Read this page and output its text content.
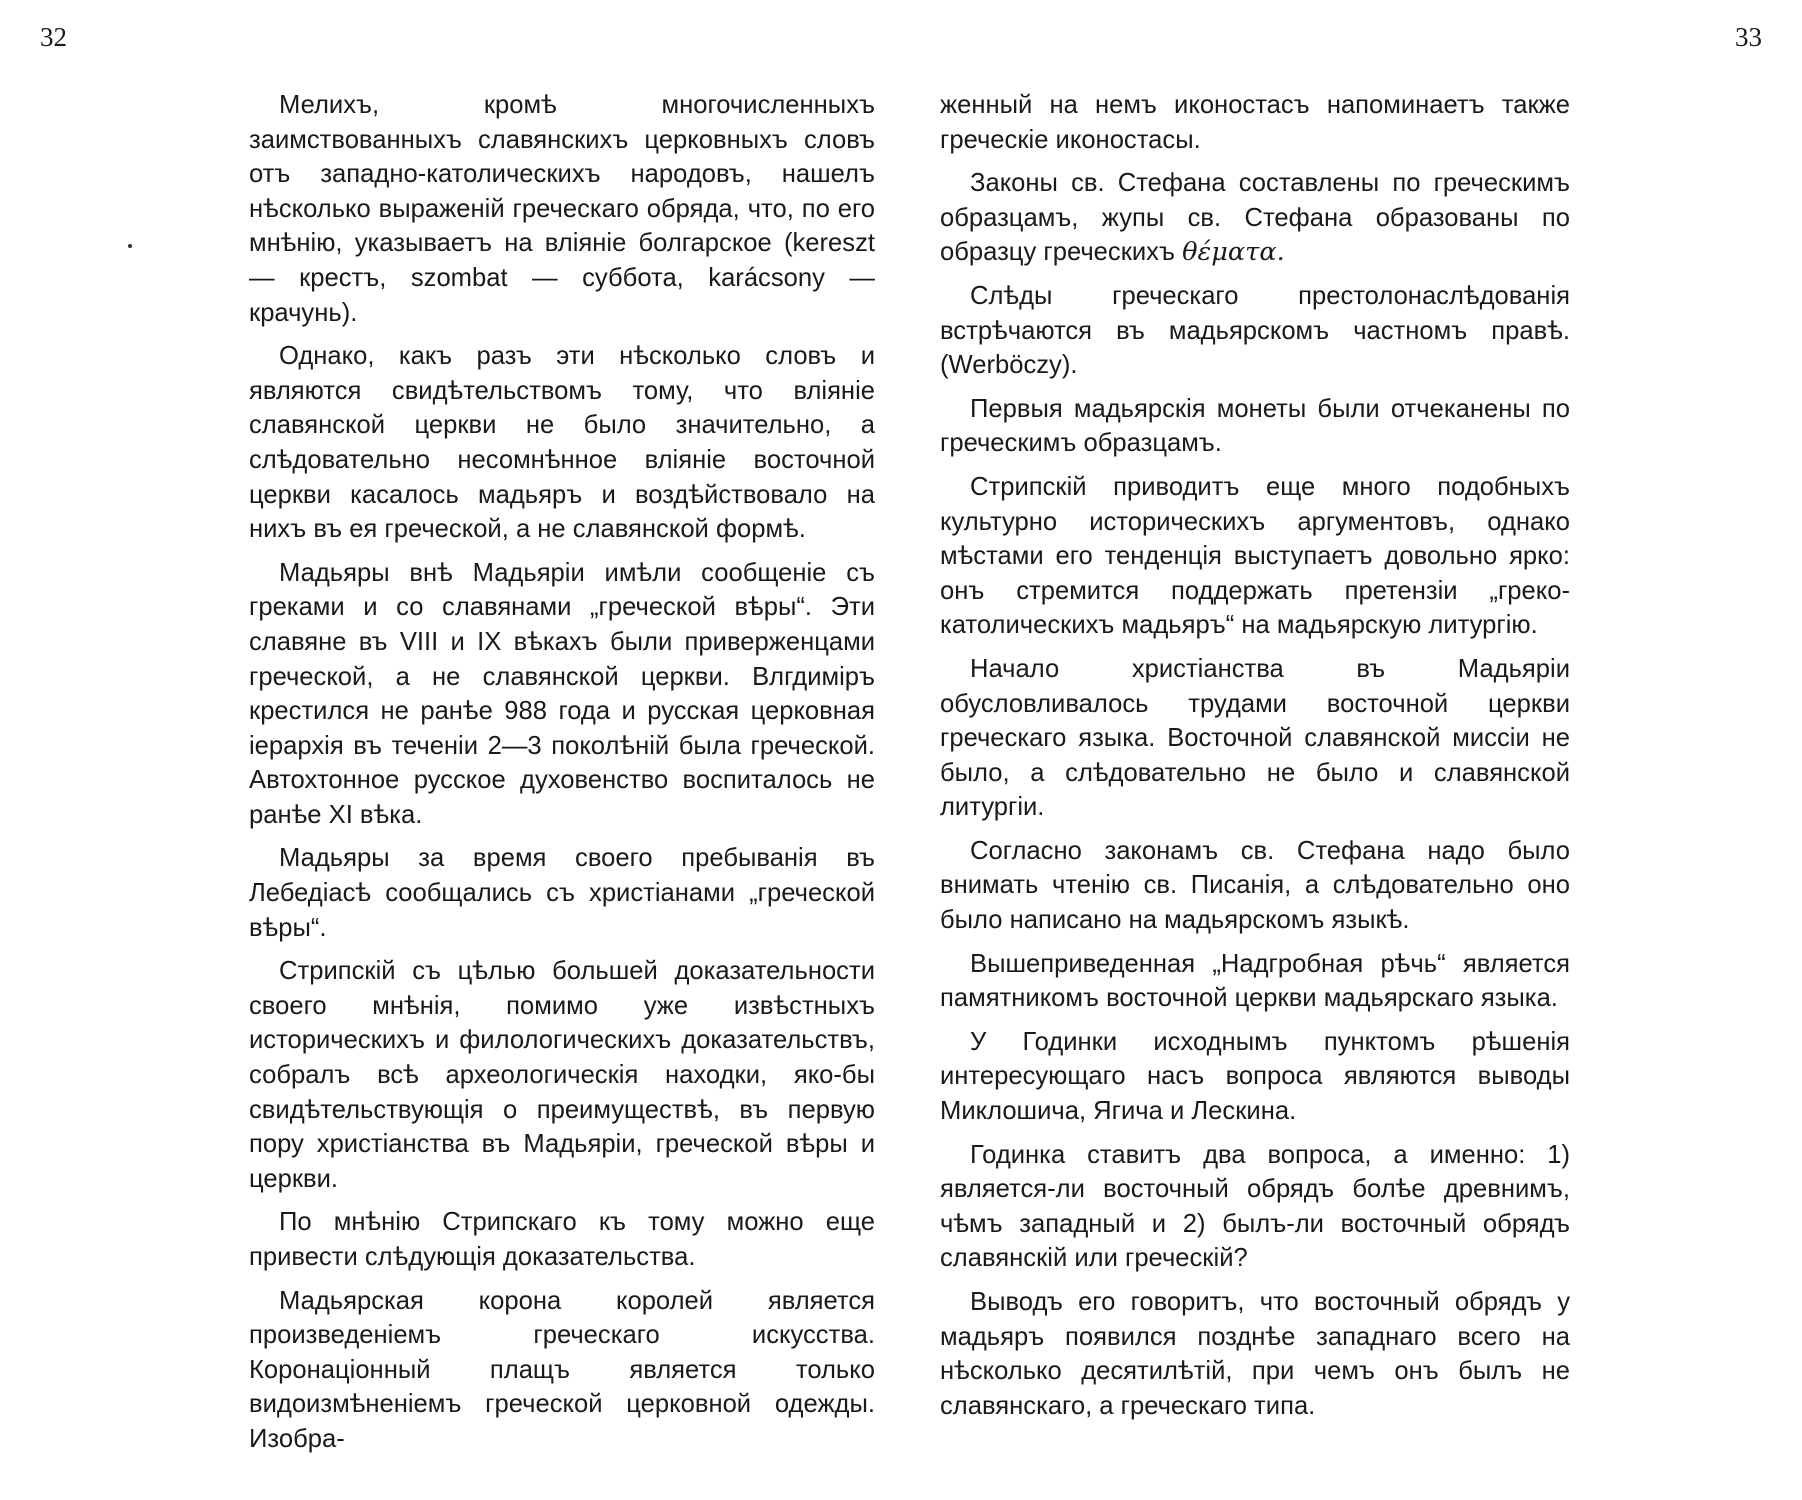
32	33

Мелихъ, кромѣ многочисленныхъ заимствованныхъ славянскихъ церковныхъ словъ отъ западно-католическихъ народовъ, нашелъ нѣсколько выраженій греческаго обряда, что, по его мнѣнію, указываетъ на вліяніе болгарское (kereszt — крестъ, szombat — суббота, karácsony — крачунь).

Однако, какъ разъ эти нѣсколько словъ и являются свидѣтельствомъ тому, что вліяніе славянской церкви не было значительно, а слѣдовательно несомнѣнное вліяніе восточной церкви касалось мадьяръ и воздѣйствовало на нихъ въ ея греческой, а не славянской формѣ.

Мадьяры внѣ Мадьяріи имѣли сообщеніе съ греками и со славянами „греческой вѣры“. Эти славяне въ VIII и IX вѣкахъ были приверженцами греческой, а не славянской церкви. Влгдиміръ крестился не ранѣе 988 года и русская церковная іерархія въ теченіи 2—3 поколѣній была греческой. Автохтонное русское духовенство воспиталось не ранѣе XI вѣка.

Мадьяры за время своего пребыванія въ Лебедіасѣ сообщались съ христіанами „греческой вѣры“.

Стрипскій съ цѣлью большей доказательности своего мнѣнія, помимо уже извѣстныхъ историческихъ и филологическихъ доказательствъ, собралъ всѣ археологическія находки, яко-бы свидѣтельствующія о преимуществѣ, въ первую пору христіанства въ Мадьяріи, греческой вѣры и церкви.

По мнѣнію Стрипскаго къ тому можно еще привести слѣдующія доказательства.

Мадьярская корона королей является произведеніемъ греческаго искусства. Коронаціонный плащъ является только видоизмѣненіемъ греческой церковной одежды. Изобра-

женный на немъ иконостасъ напоминаетъ также греческіе иконостасы.

Законы св. Стефана составлены по греческимъ образцамъ, жупы св. Стефана образованы по образцу греческихъ θέματα.

Слѣды греческаго престолонаслѣдованія встрѣчаются въ мадьярскомъ частномъ правѣ. (Werböczy).

Первыя мадьярскія монеты были отчеканены по греческимъ образцамъ.

Стрипскій приводитъ еще много подобныхъ культурно историческихъ аргументовъ, однако мѣстами его тенденція выступаетъ довольно ярко: онъ стремится поддержать претензіи „греко-католическихъ мадьяръ“ на мадьярскую литургію.

Начало христіанства въ Мадьяріи обусловливалось трудами восточной церкви греческаго языка. Восточной славянской миссіи не было, а слѣдовательно не было и славянской литургіи.

Согласно законамъ св. Стефана надо было внимать чтенію св. Писанія, а слѣдовательно оно было написано на мадьярскомъ языкѣ.

Вышеприведенная „Надгробная рѣчь“ является памятникомъ восточной церкви мадьярскаго языка.

У Годинки исходнымъ пунктомъ рѣшенія интересующаго насъ вопроса являются выводы Миклошича, Ягича и Лескина.

Годинка ставитъ два вопроса, а именно: 1) является-ли восточный обрядъ болѣе древнимъ, чѣмъ западный и 2) былъ-ли восточный обрядъ славянскій или греческій?

Выводъ его говоритъ, что восточный обрядъ у мадьяръ появился позднѣе западнаго всего на нѣсколько десятилѣтій, при чемъ онъ былъ не славянскаго, а греческаго типа.
